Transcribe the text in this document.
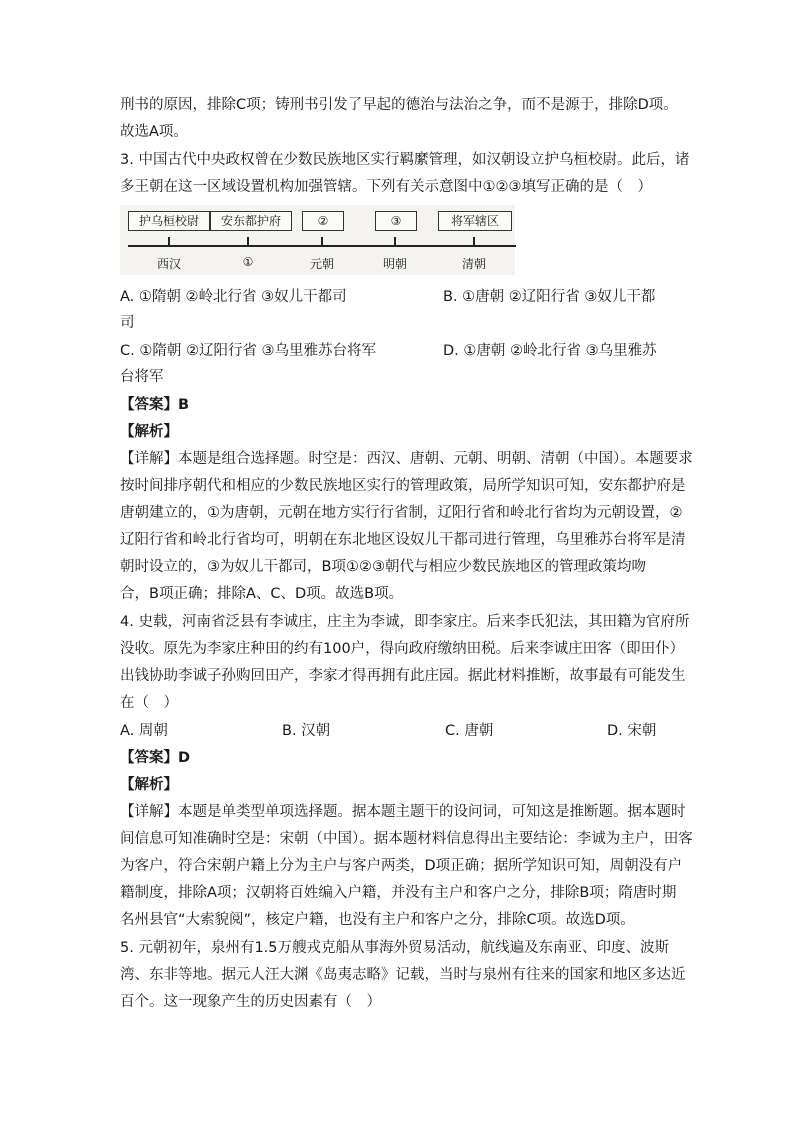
刑书的原因，排除C项；铸刑书引发了早起的德治与法治之争，而不是源于，排除D项。
故选A项。
3. 中国古代中央政权曾在少数民族地区实行羁縻管理，如汉朝设立护乌桓校尉。此后，诸
多王朝在这一区域设置机构加强管辖。下列有关示意图中①②③填写正确的是（　）
护乌桓校尉	安东都护府	②	③	将军辖区
西汉	①	元朝	明朝	清朝
A. ①隋朝 ②岭北行省 ③奴儿干都司	B. ①唐朝 ②辽阳行省 ③奴儿干都
司
C. ①隋朝 ②辽阳行省 ③乌里雅苏台将军	D. ①唐朝 ②岭北行省 ③乌里雅苏
台将军
【答案】B
【解析】
【详解】本题是组合选择题。时空是：西汉、唐朝、元朝、明朝、清朝（中国）。本题要求
按时间排序朝代和相应的少数民族地区实行的管理政策，局所学知识可知，安东都护府是
唐朝建立的，①为唐朝，元朝在地方实行行省制，辽阳行省和岭北行省均为元朝设置，②
辽阳行省和岭北行省均可，明朝在东北地区设奴儿干都司进行管理，乌里雅苏台将军是清
朝时设立的，③为奴儿干都司，B项①②③朝代与相应少数民族地区的管理政策均吻
合，B项正确；排除A、C、D项。故选B项。
4. 史载，河南省泛县有李诚庄，庄主为李诚，即李家庄。后来李氏犯法，其田籍为官府所
没收。原先为李家庄种田的约有100户，得向政府缴纳田税。后来李诚庄田客（即田仆）
出钱协助李诚子孙购回田产，李家才得再拥有此庄园。据此材料推断，故事最有可能发生
在（　）
A. 周朝	B. 汉朝	C. 唐朝	D. 宋朝
【答案】D
【解析】
【详解】本题是单类型单项选择题。据本题主题干的设问词，可知这是推断题。据本题时
间信息可知准确时空是：宋朝（中国）。据本题材料信息得出主要结论：李诚为主户，田客
为客户，符合宋朝户籍上分为主户与客户两类，D项正确；据所学知识可知，周朝没有户
籍制度，排除A项；汉朝将百姓编入户籍，并没有主户和客户之分，排除B项；隋唐时期
名州县官“大索貌阅”，核定户籍，也没有主户和客户之分，排除C项。故选D项。
5. 元朝初年，泉州有1.5万艘戎克船从事海外贸易活动，航线遍及东南亚、印度、波斯
湾、东非等地。据元人汪大渊《岛夷志略》记载，当时与泉州有往来的国家和地区多达近
百个。这一现象产生的历史因素有（　）
